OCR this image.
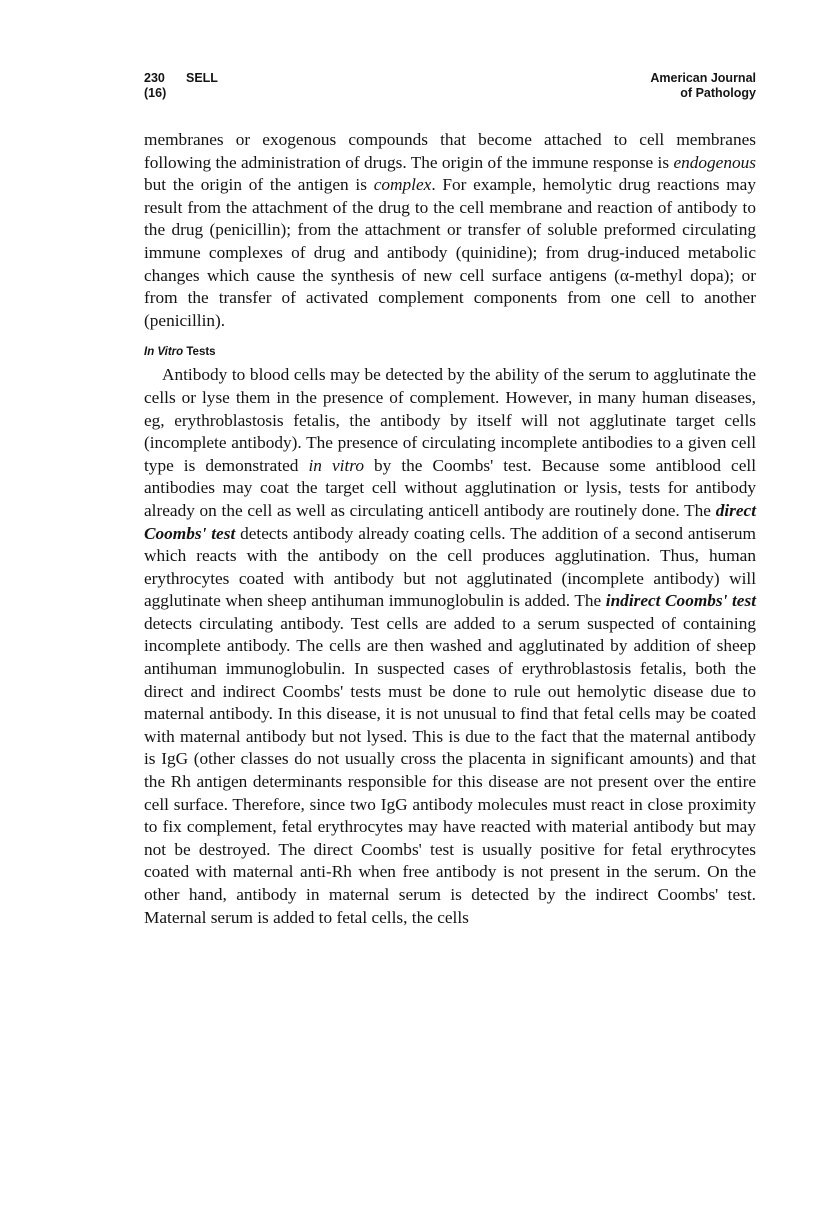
230 SELL
(16)
American Journal
of Pathology

membranes or exogenous compounds that become attached to cell membranes following the administration of drugs. The origin of the immune response is endogenous but the origin of the antigen is complex. For example, hemolytic drug reactions may result from the attachment of the drug to the cell membrane and reaction of antibody to the drug (penicillin); from the attachment or transfer of soluble preformed circulating immune complexes of drug and antibody (quinidine); from drug-induced metabolic changes which cause the synthesis of new cell surface antigens (α-methyl dopa); or from the transfer of activated complement components from one cell to another (penicillin).

In Vitro Tests

Antibody to blood cells may be detected by the ability of the serum to agglutinate the cells or lyse them in the presence of complement. However, in many human diseases, eg, erythroblastosis fetalis, the antibody by itself will not agglutinate target cells (incomplete antibody). The presence of circulating incomplete antibodies to a given cell type is demonstrated in vitro by the Coombs' test. Because some antiblood cell antibodies may coat the target cell without agglutination or lysis, tests for antibody already on the cell as well as circulating anticell antibody are routinely done. The direct Coombs' test detects antibody already coating cells. The addition of a second antiserum which reacts with the antibody on the cell produces agglutination. Thus, human erythrocytes coated with antibody but not agglutinated (incomplete antibody) will agglutinate when sheep antihuman immunoglobulin is added. The indirect Coombs' test detects circulating antibody. Test cells are added to a serum suspected of containing incomplete antibody. The cells are then washed and agglutinated by addition of sheep antihuman immunoglobulin. In suspected cases of erythroblastosis fetalis, both the direct and indirect Coombs' tests must be done to rule out hemolytic disease due to maternal antibody. In this disease, it is not unusual to find that fetal cells may be coated with maternal antibody but not lysed. This is due to the fact that the maternal antibody is IgG (other classes do not usually cross the placenta in significant amounts) and that the Rh antigen determinants responsible for this disease are not present over the entire cell surface. Therefore, since two IgG antibody molecules must react in close proximity to fix complement, fetal erythrocytes may have reacted with material antibody but may not be destroyed. The direct Coombs' test is usually positive for fetal erythrocytes coated with maternal anti-Rh when free antibody is not present in the serum. On the other hand, antibody in maternal serum is detected by the indirect Coombs' test. Maternal serum is added to fetal cells, the cells
